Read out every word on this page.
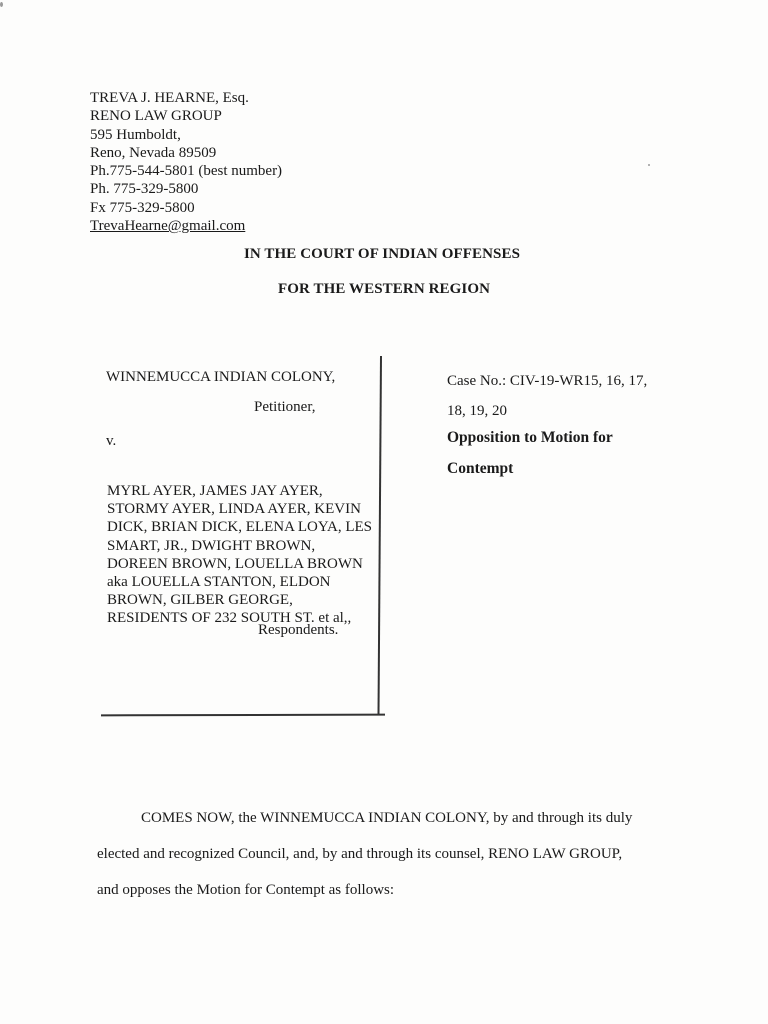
TREVA J. HEARNE, Esq.
RENO LAW GROUP
595 Humboldt,
Reno, Nevada 89509
Ph.775-544-5801 (best number)
Ph. 775-329-5800
Fx 775-329-5800
TrevaHearne@gmail.com
IN THE COURT OF INDIAN OFFENSES
FOR THE WESTERN REGION
WINNEMUCCA INDIAN COLONY,
Petitioner,
v.
MYRL AYER, JAMES JAY AYER,
STORMY AYER, LINDA AYER, KEVIN
DICK, BRIAN DICK, ELENA LOYA, LES
SMART, JR., DWIGHT BROWN,
DOREEN BROWN, LOUELLA BROWN
aka LOUELLA STANTON, ELDON
BROWN, GILBER GEORGE,
RESIDENTS OF 232 SOUTH ST. et al,,
Respondents.
Case No.: CIV-19-WR15, 16, 17,
18, 19, 20
Opposition to Motion for
Contempt
COMES NOW, the WINNEMUCCA INDIAN COLONY, by and through its duly
elected and recognized Council, and, by and through its counsel, RENO LAW GROUP,
and opposes the Motion for Contempt as follows:
